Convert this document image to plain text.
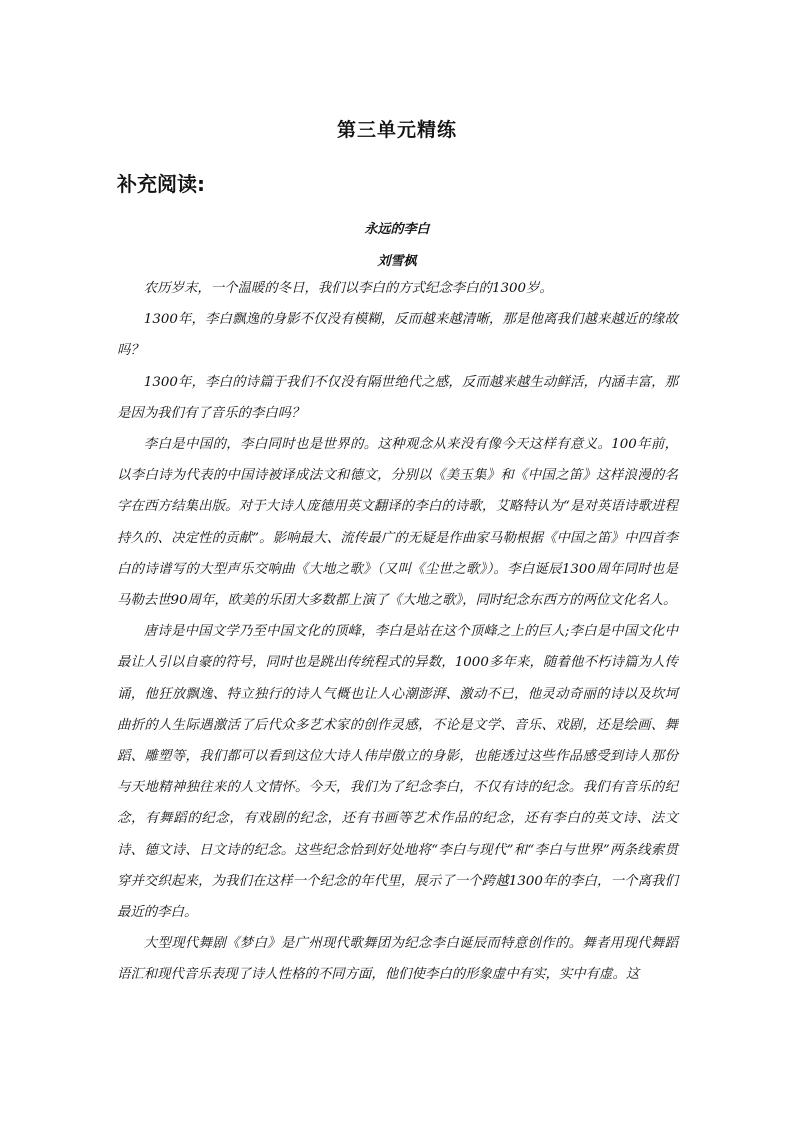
第三单元精练
补充阅读:
永远的李白
刘雪枫

农历岁末，一个温暖的冬日，我们以李白的方式纪念李白的1300岁。

1300年，李白飘逸的身影不仅没有模糊，反而越来越清晰，那是他离我们越来越近的缘故吗？

1300年，李白的诗篇于我们不仅没有隔世绝代之感，反而越来越生动鲜活，内涵丰富，那是因为我们有了音乐的李白吗？

李白是中国的，李白同时也是世界的。这种观念从来没有像今天这样有意义。100年前，以李白诗为代表的中国诗被译成法文和德文，分别以《美玉集》和《中国之笛》这样浪漫的名字在西方结集出版。对于大诗人庞德用英文翻译的李白的诗歌，艾略特认为“是对英语诗歌进程持久的、决定性的贡献”。影响最大、流传最广的无疑是作曲家马勒根据《中国之笛》中四首李白的诗谱写的大型声乐交响曲《大地之歌》（又叫《尘世之歌》）。李白诞辰1300周年同时也是马勒去世90周年，欧美的乐团大多数都上演了《大地之歌》，同时纪念东西方的两位文化名人。

唐诗是中国文学乃至中国文化的顶峰，李白是站在这个顶峰之上的巨人;李白是中国文化中最让人引以自豪的符号，同时也是跳出传统程式的异数，1000多年来，随着他不朽诗篇为人传诵，他狂放飘逸、特立独行的诗人气概也让人心潮澎湃、激动不已，他灵动奇丽的诗以及坎坷曲折的人生际遇激活了后代众多艺术家的创作灵感，不论是文学、音乐、戏剧，还是绘画、舞蹈、雕塑等，我们都可以看到这位大诗人伟岸傲立的身影，也能透过这些作品感受到诗人那份与天地精神独往来的人文情怀。今天，我们为了纪念李白，不仅有诗的纪念。我们有音乐的纪念，有舞蹈的纪念，有戏剧的纪念，还有书画等艺术作品的纪念，还有李白的英文诗、法文诗、德文诗、日文诗的纪念。这些纪念恰到好处地将“李白与现代”和“李白与世界”两条线索贯穿并交织起来，为我们在这样一个纪念的年代里，展示了一个跨越1300年的李白，一个离我们最近的李白。

大型现代舞剧《梦白》是广州现代歌舞团为纪念李白诞辰而特意创作的。舞者用现代舞蹈语汇和现代音乐表现了诗人性格的不同方面，他们使李白的形象虚中有实，实中有虚。这
